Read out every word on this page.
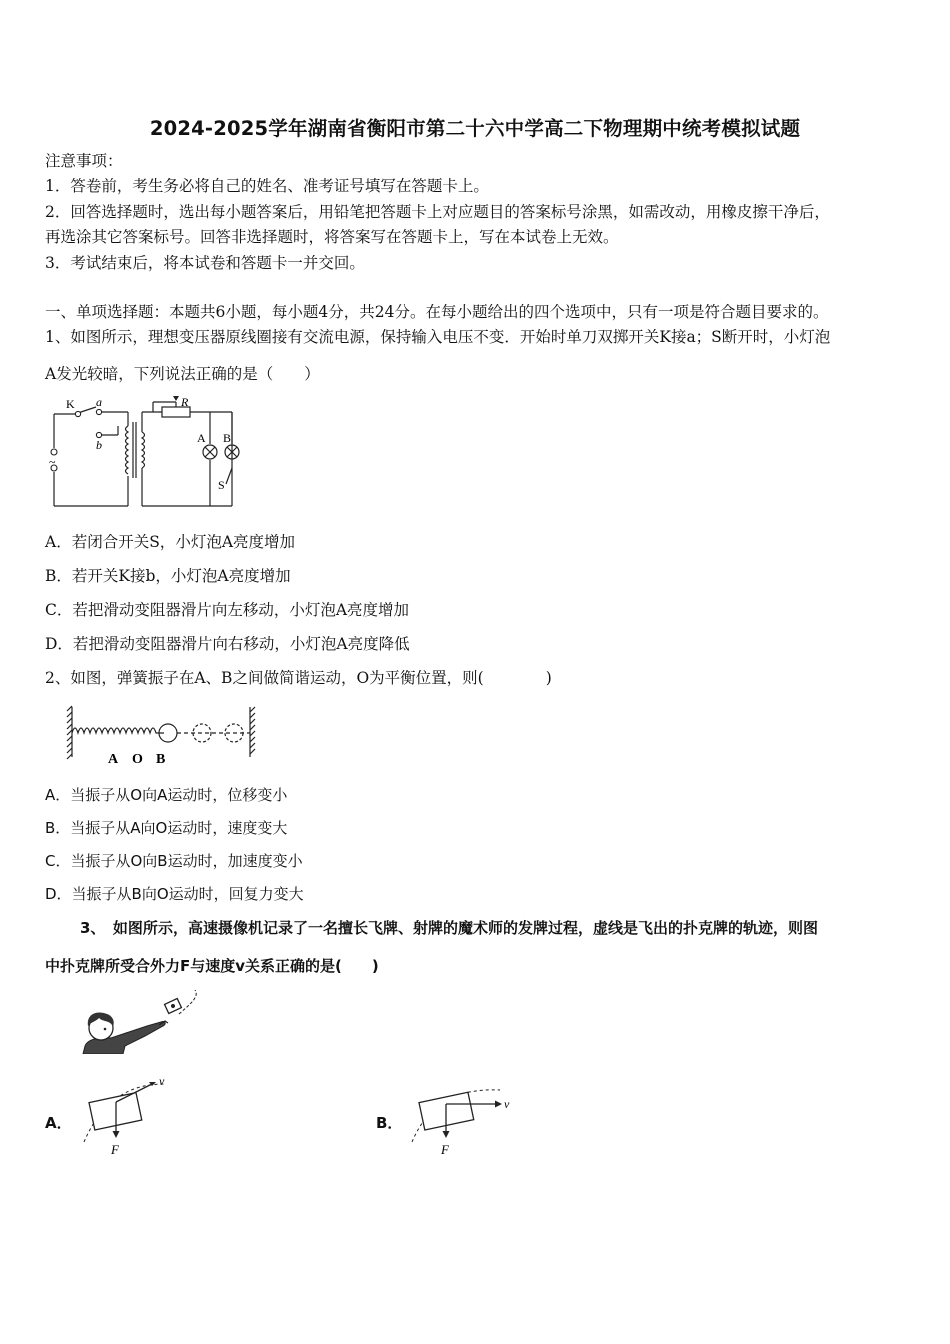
2024-2025学年湖南省衡阳市第二十六中学高二下物理期中统考模拟试题
注意事项：
1．答卷前，考生务必将自己的姓名、准考证号填写在答题卡上。
2．回答选择题时，选出每小题答案后，用铅笔把答题卡上对应题目的答案标号涂黑，如需改动，用橡皮擦干净后，
再选涂其它答案标号。回答非选择题时，将答案写在答题卡上，写在本试卷上无效。
3．考试结束后，将本试卷和答题卡一并交回。
一、单项选择题：本题共6小题，每小题4分，共24分。在每小题给出的四个选项中，只有一项是符合题目要求的。
1、如图所示，理想变压器原线圈接有交流电源，保持输入电压不变．开始时单刀双掷开关K接a；S断开时，小灯泡
A发光较暗，下列说法正确的是（　　）
K a
b
R
A B
S
~
A．若闭合开关S，小灯泡A亮度增加
B．若开关K接b，小灯泡A亮度增加
C．若把滑动变阻器滑片向左移动，小灯泡A亮度增加
D．若把滑动变阻器滑片向右移动，小灯泡A亮度降低
2、如图，弹簧振子在A、B之间做简谐运动，O为平衡位置，则(　　　　)
A O B
A．当振子从O向A运动时，位移变小
B．当振子从A向O运动时，速度变大
C．当振子从O向B运动时，加速度变小
D．当振子从B向O运动时，回复力变大
3、　如图所示，高速摄像机记录了一名擅长飞牌、射牌的魔术师的发牌过程，虚线是飞出的扑克牌的轨迹，则图
中扑克牌所受合外力F与速度v关系正确的是(　　)
A．
v
F
B．
v
F
